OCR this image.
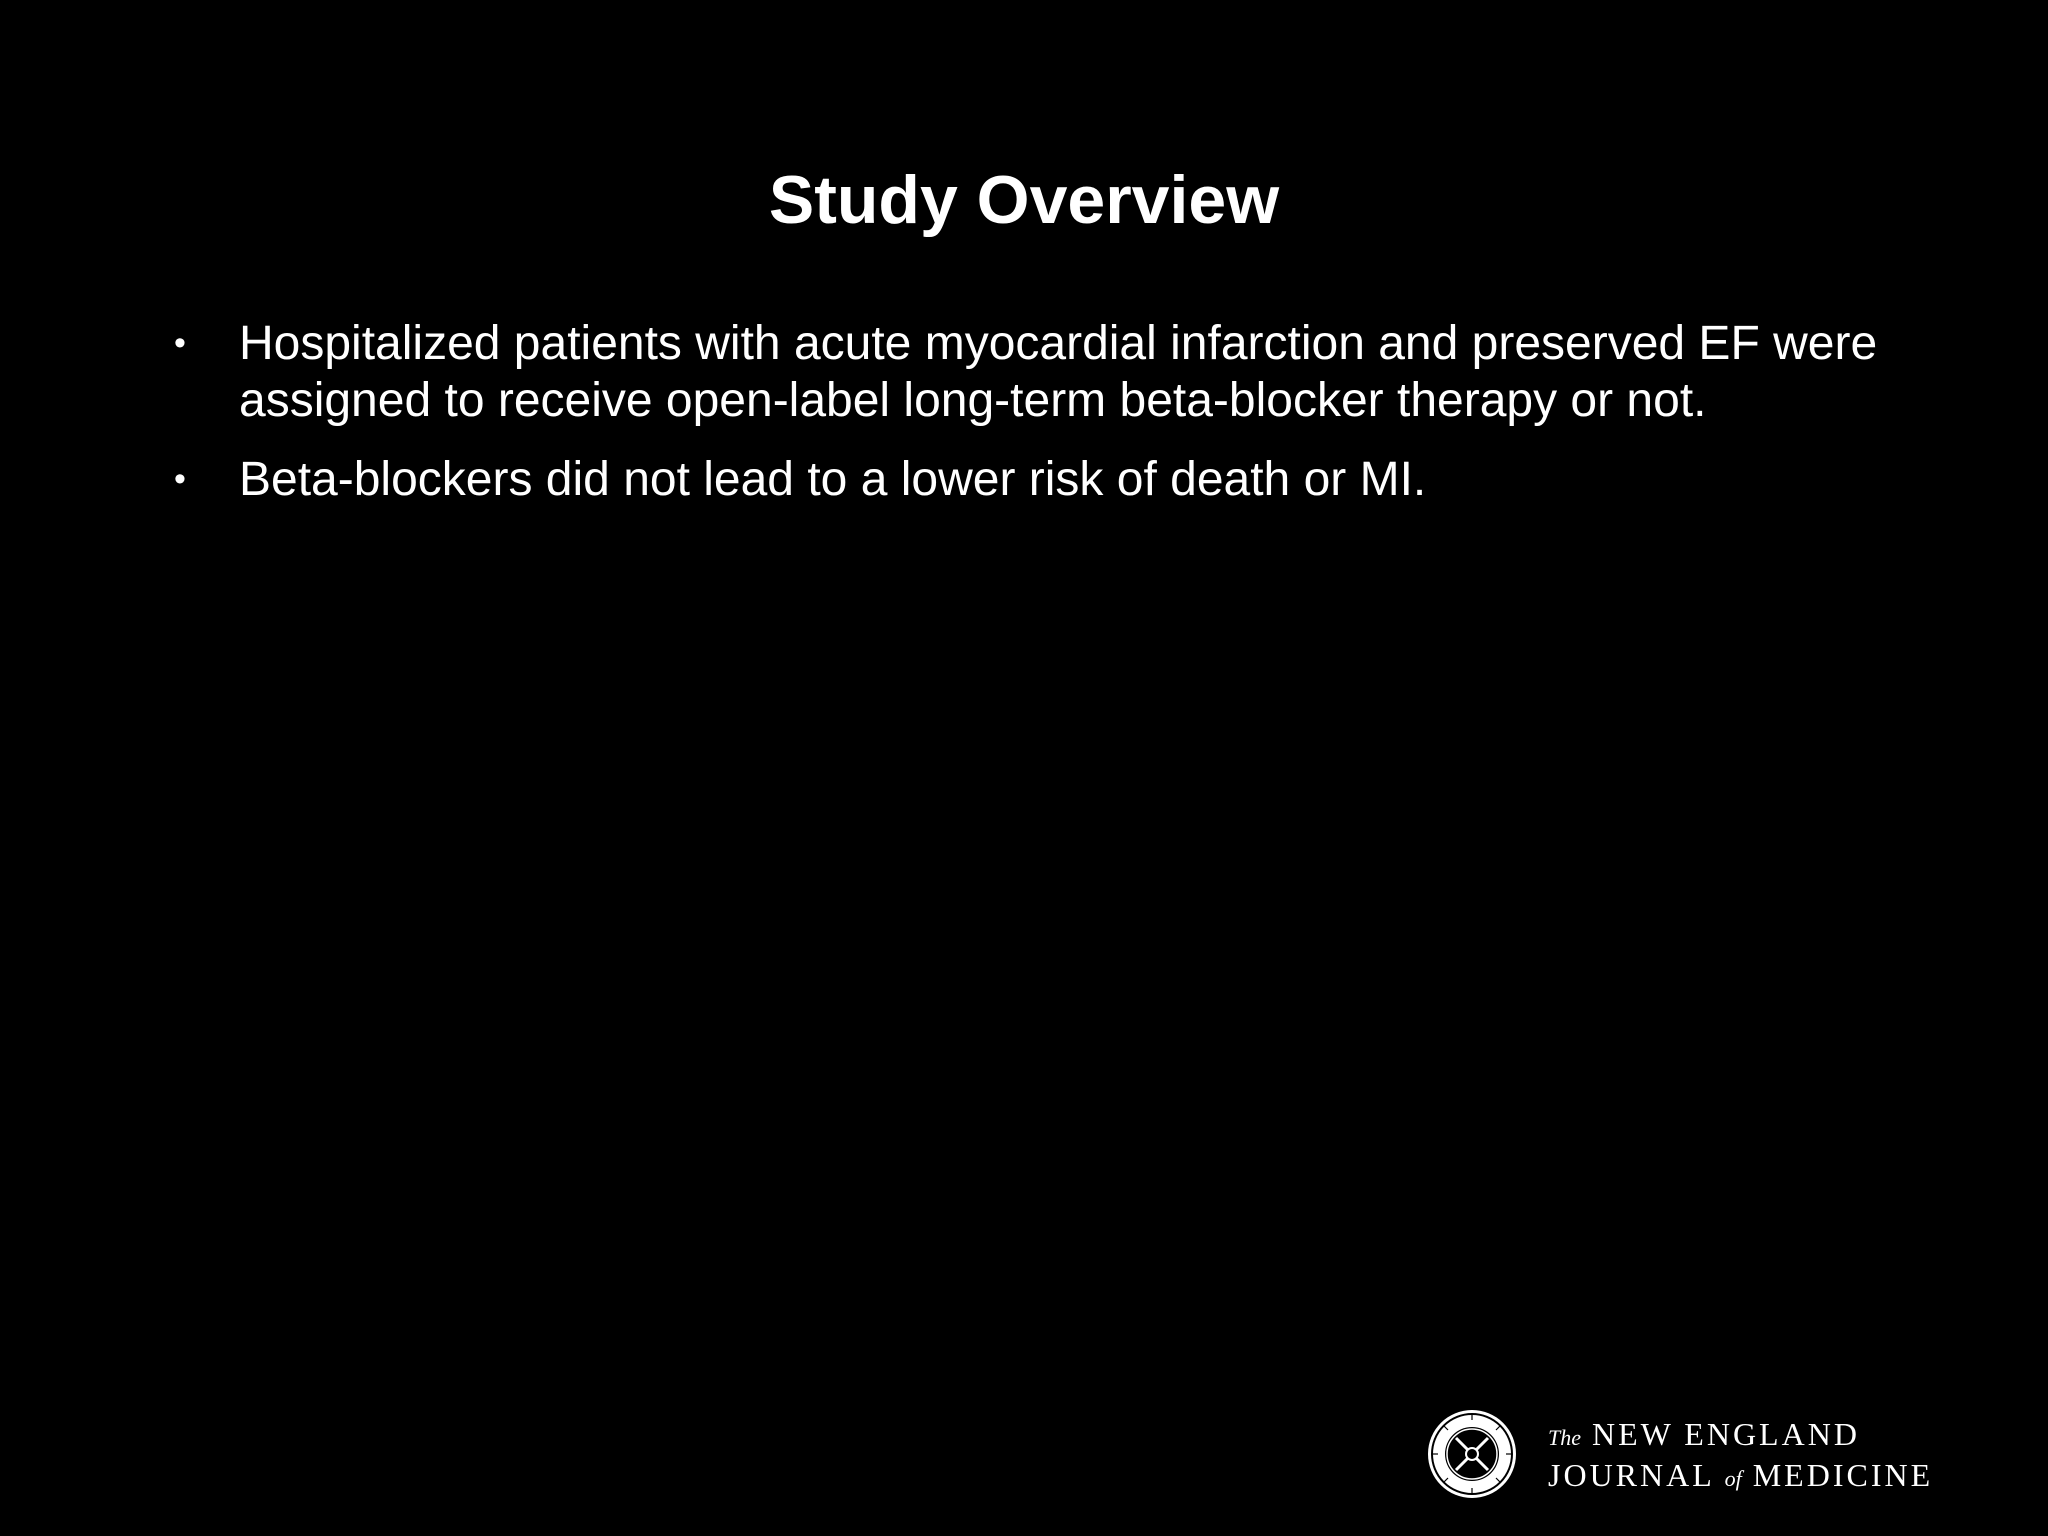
Study Overview
• Hospitalized patients with acute myocardial infarction and preserved EF were assigned to receive open-label long-term beta-blocker therapy or not.
• Beta-blockers did not lead to a lower risk of death or MI.
The NEW ENGLAND
JOURNAL of MEDICINE
